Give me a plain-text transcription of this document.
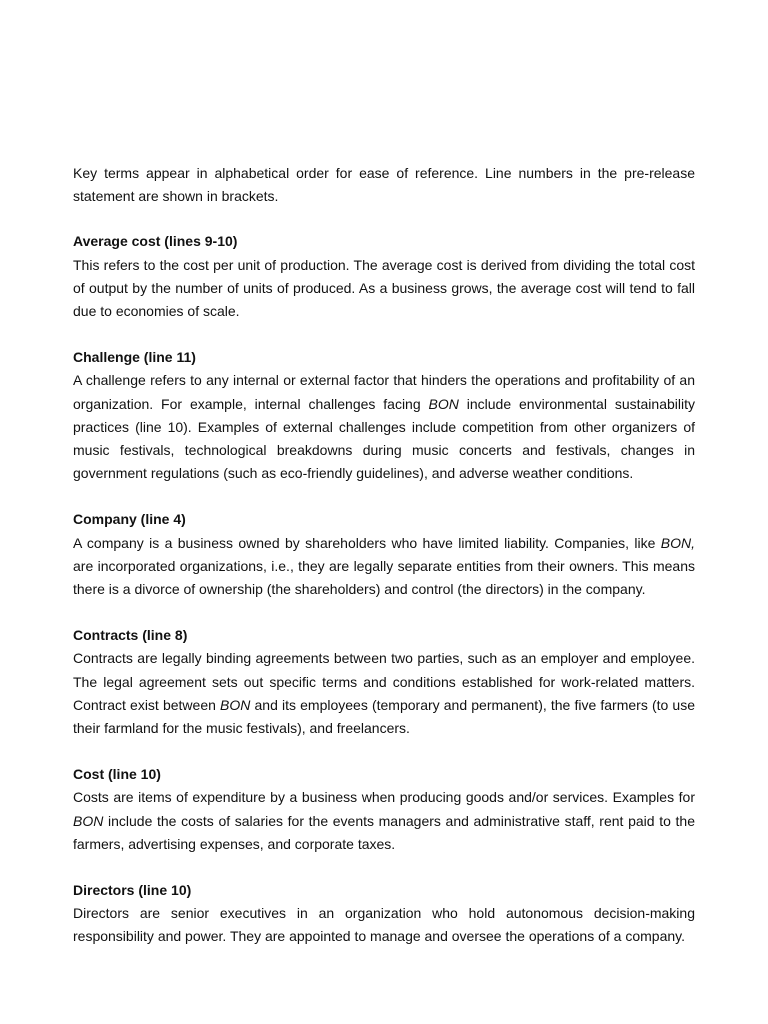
Key terms appear in alphabetical order for ease of reference. Line numbers in the pre-release statement are shown in brackets.

Average cost (lines 9-10)

This refers to the cost per unit of production. The average cost is derived from dividing the total cost of output by the number of units of produced. As a business grows, the average cost will tend to fall due to economies of scale.

Challenge (line 11)

A challenge refers to any internal or external factor that hinders the operations and profitability of an organization. For example, internal challenges facing BON include environmental sustainability practices (line 10). Examples of external challenges include competition from other organizers of music festivals, technological breakdowns during music concerts and festivals, changes in government regulations (such as eco-friendly guidelines), and adverse weather conditions.

Company (line 4)

A company is a business owned by shareholders who have limited liability. Companies, like BON, are incorporated organizations, i.e., they are legally separate entities from their owners. This means there is a divorce of ownership (the shareholders) and control (the directors) in the company.

Contracts (line 8)

Contracts are legally binding agreements between two parties, such as an employer and employee. The legal agreement sets out specific terms and conditions established for work-related matters. Contract exist between BON and its employees (temporary and permanent), the five farmers (to use their farmland for the music festivals), and freelancers.

Cost (line 10)

Costs are items of expenditure by a business when producing goods and/or services. Examples for BON include the costs of salaries for the events managers and administrative staff, rent paid to the farmers, advertising expenses, and corporate taxes.

Directors (line 10)

Directors are senior executives in an organization who hold autonomous decision-making responsibility and power. They are appointed to manage and oversee the operations of a company.
